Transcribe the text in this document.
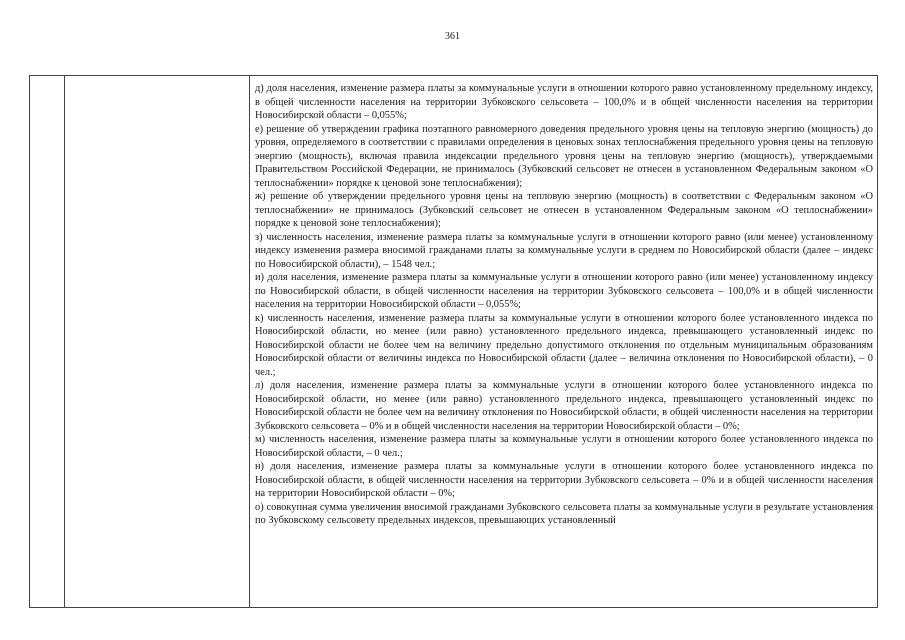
361

д) доля населения, изменение размера платы за коммунальные услуги в отношении которого равно установленному предельному индексу, в общей численности населения на территории Зубковского сельсовета – 100,0% и в общей численности населения на территории Новосибирской области – 0,055%;

е) решение об утверждении графика поэтапного равномерного доведения предельного уровня цены на тепловую энергию (мощность) до уровня, определяемого в соответствии с правилами определения в ценовых зонах теплоснабжения предельного уровня цены на тепловую энергию (мощность), включая правила индексации предельного уровня цены на тепловую энергию (мощность), утверждаемыми Правительством Российской Федерации, не принималось (Зубковский сельсовет не отнесен в установленном Федеральным законом «О теплоснабжении» порядке к ценовой зоне теплоснабжения);

ж) решение об утверждении предельного уровня цены на тепловую энергию (мощность) в соответствии с Федеральным законом «О теплоснабжении» не принималось (Зубковский сельсовет не отнесен в установленном Федеральным законом «О теплоснабжении» порядке к ценовой зоне теплоснабжения);

з) численность населения, изменение размера платы за коммунальные услуги в отношении которого равно (или менее) установленному индексу изменения размера вносимой гражданами платы за коммунальные услуги в среднем по Новосибирской области (далее – индекс по Новосибирской области), – 1548 чел.;

и) доля населения, изменение размера платы за коммунальные услуги в отношении которого равно (или менее) установленному индексу по Новосибирской области, в общей численности населения на территории Зубковского сельсовета – 100,0% и в общей численности населения на территории Новосибирской области – 0,055%;

к) численность населения, изменение размера платы за коммунальные услуги в отношении которого более установленного индекса по Новосибирской области, но менее (или равно) установленного предельного индекса, превышающего установленный индекс по Новосибирской области не более чем на величину предельно допустимого отклонения по отдельным муниципальным образованиям Новосибирской области от величины индекса по Новосибирской области (далее – величина отклонения по Новосибирской области), – 0 чел.;

л) доля населения, изменение размера платы за коммунальные услуги в отношении которого более установленного индекса по Новосибирской области, но менее (или равно) установленного предельного индекса, превышающего установленный индекс по Новосибирской области не более чем на величину отклонения по Новосибирской области, в общей численности населения на территории Зубковского сельсовета – 0% и в общей численности населения на территории Новосибирской области – 0%;

м) численность населения, изменение размера платы за коммунальные услуги в отношении которого более установленного индекса по Новосибирской области, – 0 чел.;

н) доля населения, изменение размера платы за коммунальные услуги в отношении которого более установленного индекса по Новосибирской области, в общей численности населения на территории Зубковского сельсовета – 0% и в общей численности населения на территории Новосибирской области – 0%;

о) совокупная сумма увеличения вносимой гражданами Зубковского сельсовета платы за коммунальные услуги в результате установления по Зубковскому сельсовету предельных индексов, превышающих установленный
